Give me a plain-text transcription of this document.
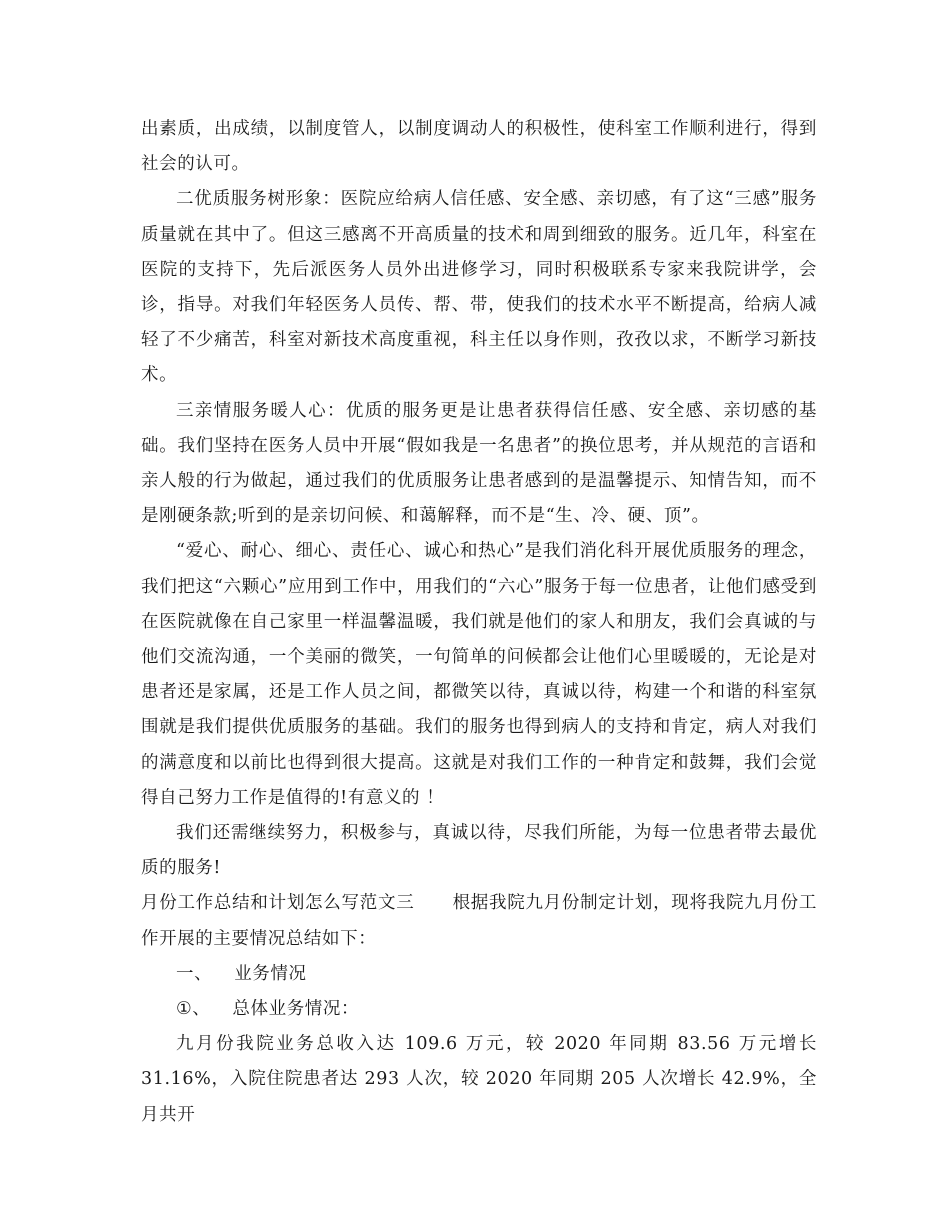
出素质，出成绩，以制度管人，以制度调动人的积极性，使科室工作顺利进行，得到社会的认可。

二优质服务树形象：医院应给病人信任感、安全感、亲切感，有了这“三感”服务质量就在其中了。但这三感离不开高质量的技术和周到细致的服务。近几年，科室在医院的支持下，先后派医务人员外出进修学习，同时积极联系专家来我院讲学，会诊，指导。对我们年轻医务人员传、帮、带，使我们的技术水平不断提高，给病人减轻了不少痛苦，科室对新技术高度重视，科主任以身作则，孜孜以求，不断学习新技术。

三亲情服务暖人心：优质的服务更是让患者获得信任感、安全感、亲切感的基础。我们坚持在医务人员中开展“假如我是一名患者”的换位思考，并从规范的言语和亲人般的行为做起，通过我们的优质服务让患者感到的是温馨提示、知情告知，而不是刚硬条款;听到的是亲切问候、和蔼解释，而不是“生、冷、硬、顶”。

“爱心、耐心、细心、责任心、诚心和热心”是我们消化科开展优质服务的理念，我们把这“六颗心”应用到工作中，用我们的“六心”服务于每一位患者，让他们感受到在医院就像在自己家里一样温馨温暖，我们就是他们的家人和朋友，我们会真诚的与他们交流沟通，一个美丽的微笑，一句简单的问候都会让他们心里暖暖的，无论是对患者还是家属，还是工作人员之间，都微笑以待，真诚以待，构建一个和谐的科室氛围就是我们提供优质服务的基础。我们的服务也得到病人的支持和肯定，病人对我们的满意度和以前比也得到很大提高。这就是对我们工作的一种肯定和鼓舞，我们会觉得自己努力工作是值得的!有意义的 ！

我们还需继续努力，积极参与，真诚以待，尽我们所能，为每一位患者带去最优质的服务!

月份工作总结和计划怎么写范文三 根据我院九月份制定计划，现将我院九月份工作开展的主要情况总结如下：

一、 业务情况

①、 总体业务情况：

九月份我院业务总收入达 109.6 万元，较 2020 年同期 83.56 万元增长 31.16%，入院住院患者达 293 人次，较 2020 年同期 205 人次增长 42.9%，全月共开
